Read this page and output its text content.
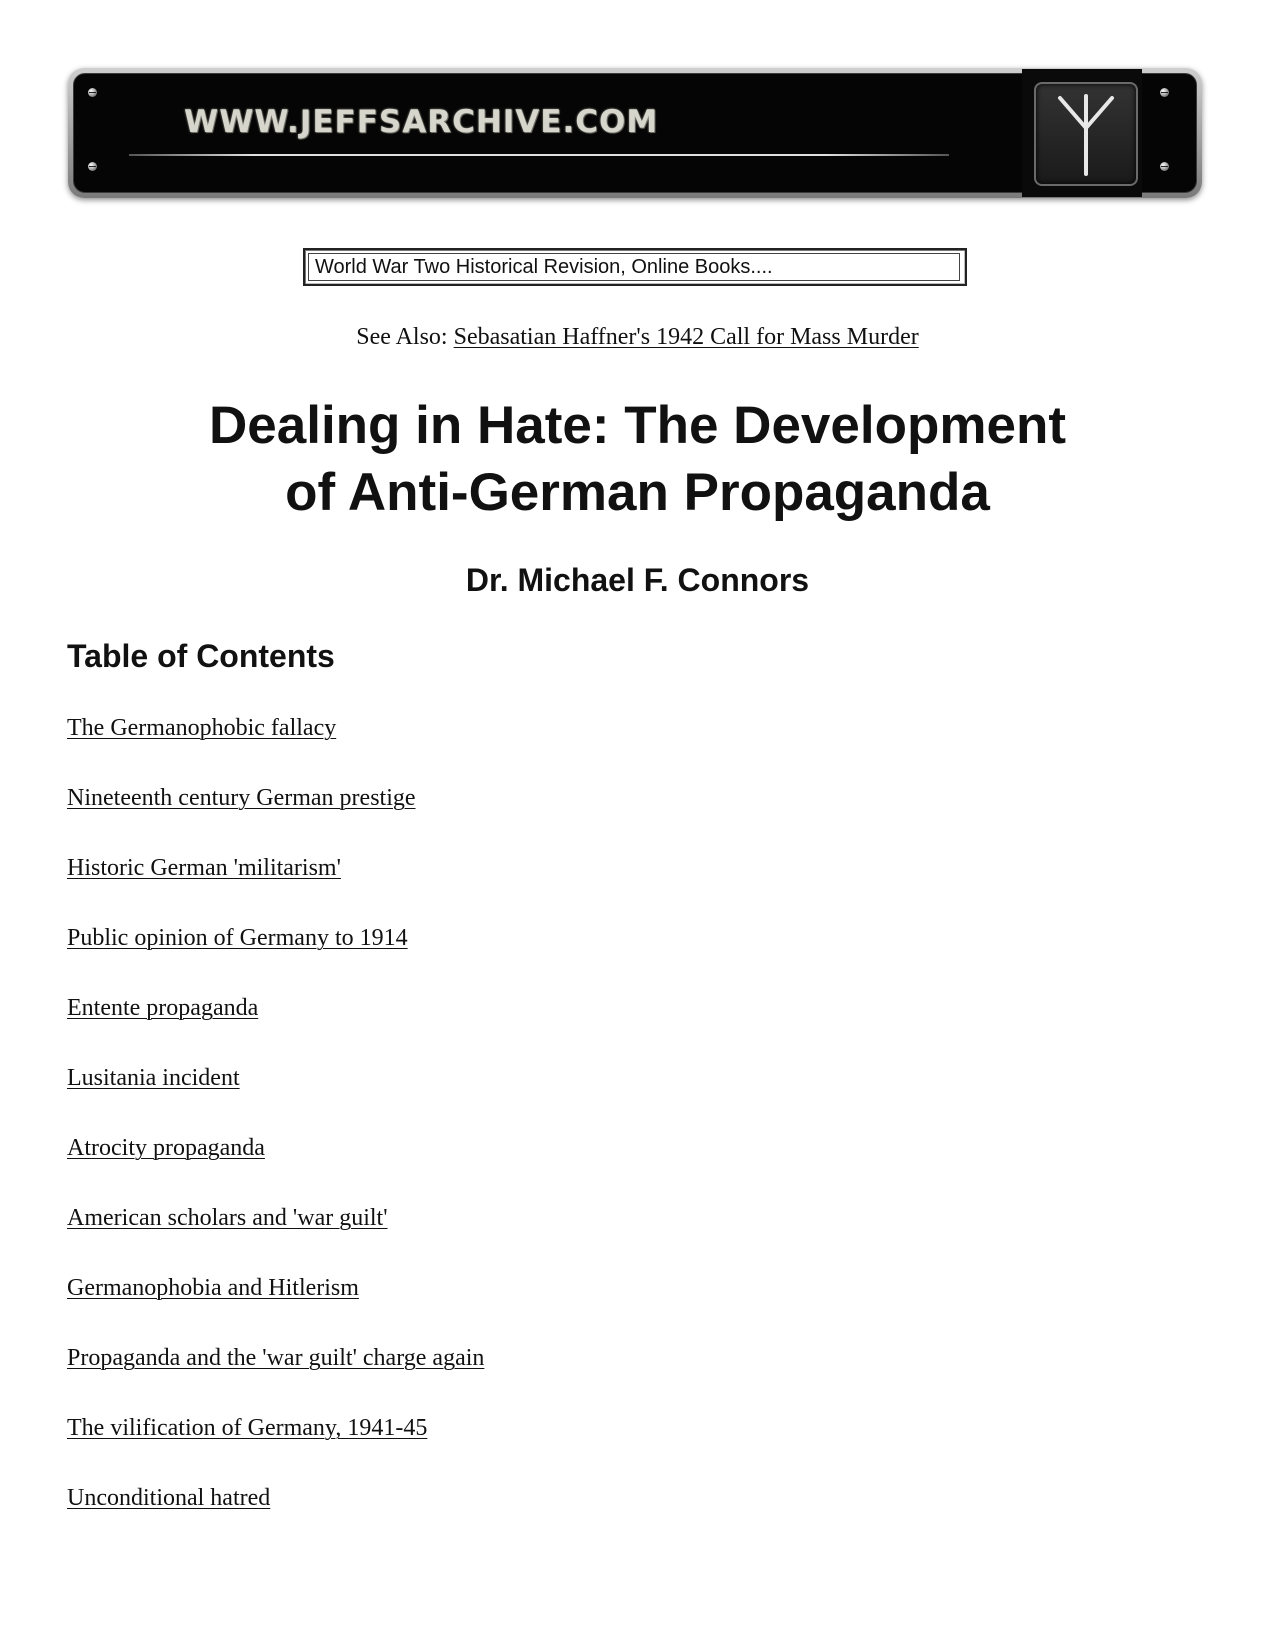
WWW.JEFFSARCHIVE.COM
World War Two Historical Revision, Online Books....
See Also: Sebasatian Haffner's 1942 Call for Mass Murder
Dealing in Hate: The Development
of Anti-German Propaganda
Dr. Michael F. Connors
Table of Contents
The Germanophobic fallacy
Nineteenth century German prestige
Historic German 'militarism'
Public opinion of Germany to 1914
Entente propaganda
Lusitania incident
Atrocity propaganda
American scholars and 'war guilt'
Germanophobia and Hitlerism
Propaganda and the 'war guilt' charge again
The vilification of Germany, 1941-45
Unconditional hatred
